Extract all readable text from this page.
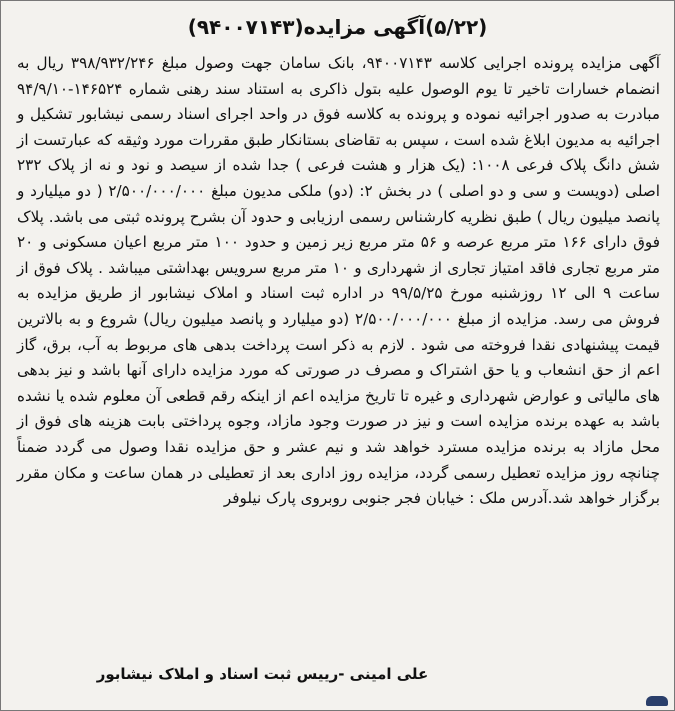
(۵/۲۲)آگهی مزایده(۹۴۰۰۷۱۴۳)

آگهی مزایده پرونده اجرایی کلاسه ۹۴۰۰۷۱۴۳، بانک سامان جهت وصول مبلغ ۳۹۸/۹۳۲/۲۴۶ ریال به انضمام خسارات تاخیر تا یوم الوصول علیه بتول ذاکری به استناد سند رهنی شماره ۱۴۶۵۲۴-۹۴/۹/۱۰ مبادرت به صدور اجرائیه نموده و پرونده به کلاسه فوق در واحد اجرای اسناد رسمی نیشابور تشکیل و اجرائیه به مدیون ابلاغ شده است ، سپس به تقاضای بستانکار طبق مقررات مورد وثیقه که عبارتست از شش دانگ پلاک فرعی ۱۰۰۸: (یک هزار و هشت فرعی ) جدا شده از سیصد و نود و نه از پلاک ۲۳۲ اصلی (دویست و سی و دو اصلی ) در بخش ۲: (دو) ملکی مدیون مبلغ ۲/۵۰۰/۰۰۰/۰۰۰ ( دو میلیارد و پانصد میلیون ریال ) طبق نظریه کارشناس رسمی ارزیابی و حدود آن بشرح پرونده ثبتی می باشد. پلاک فوق دارای ۱۶۶ متر مربع عرصه و ۵۶ متر مربع زیر زمین و حدود ۱۰۰ متر مربع اعیان مسکونی و ۲۰ متر مربع تجاری فاقد امتیاز تجاری از شهرداری و ۱۰ متر مربع سرویس بهداشتی میباشد . پلاک فوق از ساعت ۹ الی ۱۲ روزشنبه مورخ ۹۹/۵/۲۵ در اداره ثبت اسناد و املاک نیشابور از طریق مزایده به فروش می رسد. مزایده از مبلغ ۲/۵۰۰/۰۰۰/۰۰۰ (دو میلیارد و پانصد میلیون ریال) شروع و به بالاترین قیمت پیشنهادی نقدا فروخته می شود . لازم به ذکر است پرداخت بدهی های مربوط به آب، برق، گاز اعم از حق انشعاب و یا حق اشتراک و مصرف در صورتی که مورد مزایده دارای آنها باشد و نیز بدهی های مالیاتی و عوارض شهرداری و غیره تا تاریخ مزایده اعم از اینکه رقم قطعی آن معلوم شده یا نشده باشد به عهده برنده مزایده است و نیز در صورت وجود مازاد، وجوه پرداختی بابت هزینه های فوق از محل مازاد به برنده مزایده مسترد خواهد شد و نیم عشر و حق مزایده نقدا وصول می گردد ضمناً چنانچه روز مزایده تعطیل رسمی گردد، مزایده روز اداری بعد از تعطیلی در همان ساعت و مکان مقرر برگزار خواهد شد.آدرس ملک : خیابان فجر جنوبی روبروی پارک نیلوفر

علی امینی -رییس ثبت اسناد و املاک نیشابور
